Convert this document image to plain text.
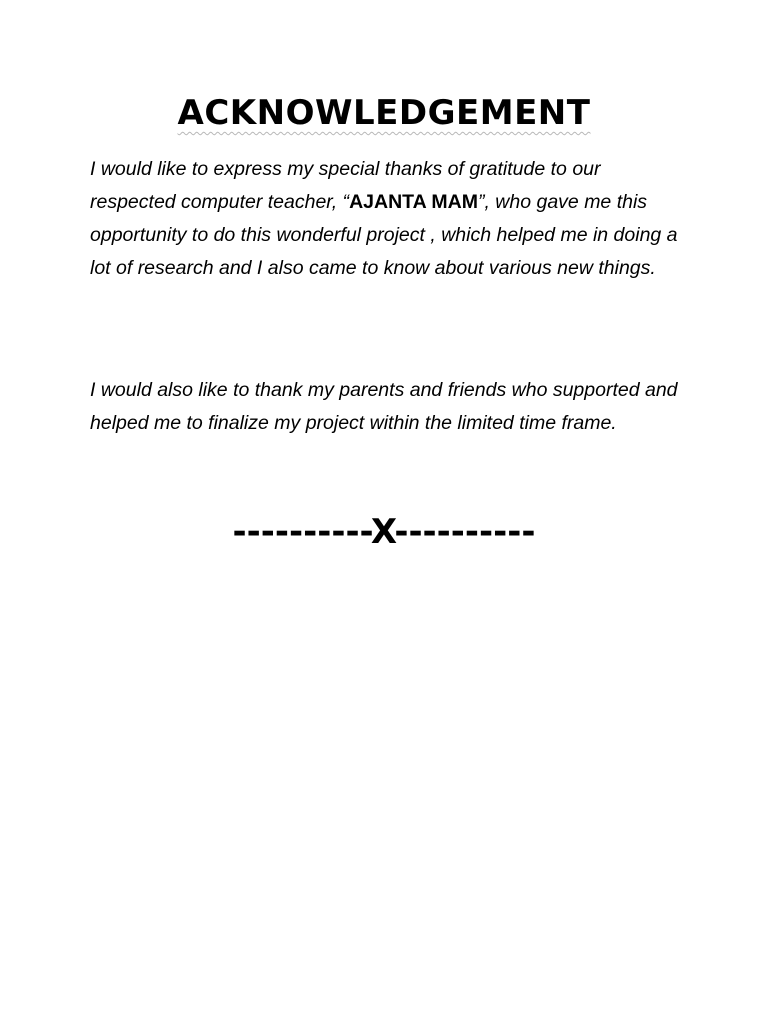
ACKNOWLEDGEMENT

I would like to express my special thanks of gratitude to our respected computer teacher, “AJANTA MAM”, who gave me this opportunity to do this wonderful project , which helped me in doing a lot of research and I also came to know about various new things.

I would also like to thank my parents and friends who supported and helped me to finalize my project within the limited time frame.

----------X----------
